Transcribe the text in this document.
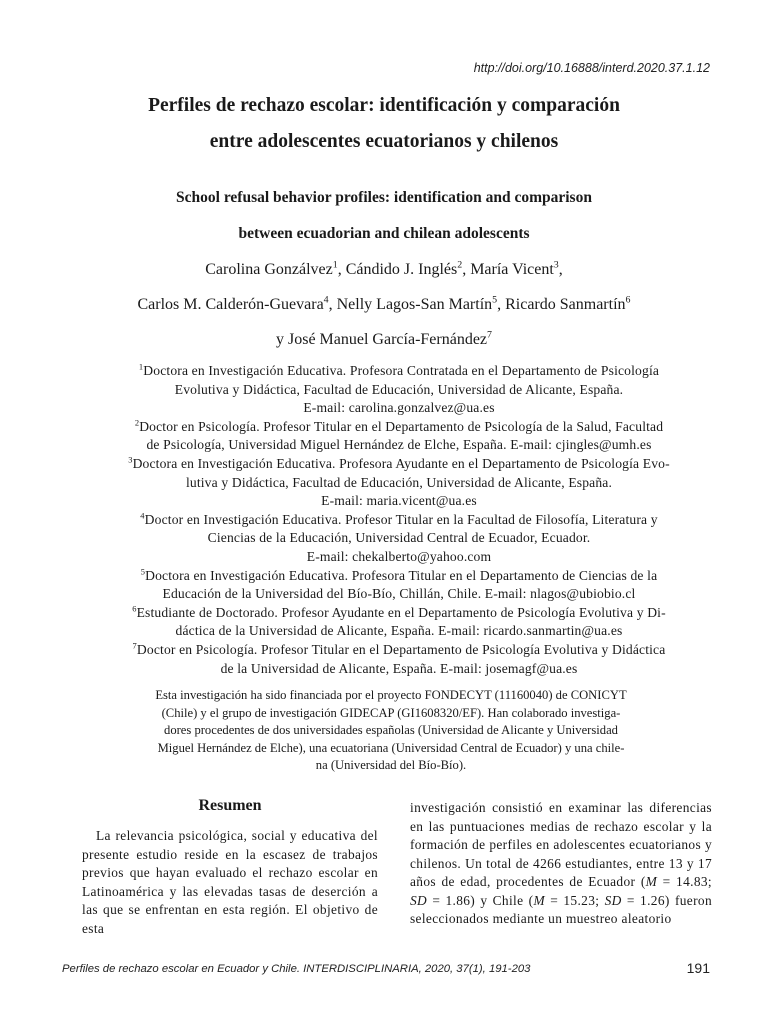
http://doi.org/10.16888/interd.2020.37.1.12
Perfiles de rechazo escolar: identificación y comparación
entre adolescentes ecuatorianos y chilenos
School refusal behavior profiles: identification and comparison
between ecuadorian and chilean adolescents
Carolina Gonzálvez$^1$, Cándido J. Inglés$^2$, María Vicent$^3$,
Carlos M. Calderón-Guevara$^4$, Nelly Lagos-San Martín$^5$, Ricardo Sanmartín$^6$
y José Manuel García-Fernández$^7$
$^1$Doctora en Investigación Educativa. Profesora Contratada en el Departamento de Psicología
Evolutiva y Didáctica, Facultad de Educación, Universidad de Alicante, España.
E-mail: carolina.gonzalvez@ua.es
$^2$Doctor en Psicología. Profesor Titular en el Departamento de Psicología de la Salud, Facultad
de Psicología, Universidad Miguel Hernández de Elche, España. E-mail: cjingles@umh.es
$^3$Doctora en Investigación Educativa. Profesora Ayudante en el Departamento de Psicología Evo-
lutiva y Didáctica, Facultad de Educación, Universidad de Alicante, España.
E-mail: maria.vicent@ua.es
$^4$Doctor en Investigación Educativa. Profesor Titular en la Facultad de Filosofía, Literatura y
Ciencias de la Educación, Universidad Central de Ecuador, Ecuador.
E-mail: chekalberto@yahoo.com
$^5$Doctora en Investigación Educativa. Profesora Titular en el Departamento de Ciencias de la
Educación de la Universidad del Bío-Bío, Chillán, Chile. E-mail: nlagos@ubiobio.cl
$^6$Estudiante de Doctorado. Profesor Ayudante en el Departamento de Psicología Evolutiva y Di-
dáctica de la Universidad de Alicante, España. E-mail: ricardo.sanmartin@ua.es
$^7$Doctor en Psicología. Profesor Titular en el Departamento de Psicología Evolutiva y Didáctica
de la Universidad de Alicante, España. E-mail: josemagf@ua.es
Esta investigación ha sido financiada por el proyecto FONDECYT (11160040) de CONICYT
(Chile) y el grupo de investigación GIDECAP (GI1608320/EF). Han colaborado investiga-
dores procedentes de dos universidades españolas (Universidad de Alicante y Universidad
Miguel Hernández de Elche), una ecuatoriana (Universidad Central de Ecuador) y una chile-
na (Universidad del Bío-Bío).
Resumen

La relevancia psicológica, social y educativa del presente estudio reside en la escasez de trabajos previos que hayan evaluado el rechazo escolar en Latinoamérica y las elevadas tasas de deserción a las que se enfrentan en esta región. El objetivo de esta

investigación consistió en examinar las diferencias en las puntuaciones medias de rechazo escolar y la formación de perfiles en adolescentes ecuatorianos y chilenos. Un total de 4266 estudiantes, entre 13 y 17 años de edad, procedentes de Ecuador (M = 14.83; SD = 1.86) y Chile (M = 15.23; SD = 1.26) fueron seleccionados mediante un muestreo aleatorio

Perfiles de rechazo escolar en Ecuador y Chile. INTERDISCIPLINARIA, 2020, 37(1), 191-203	191
